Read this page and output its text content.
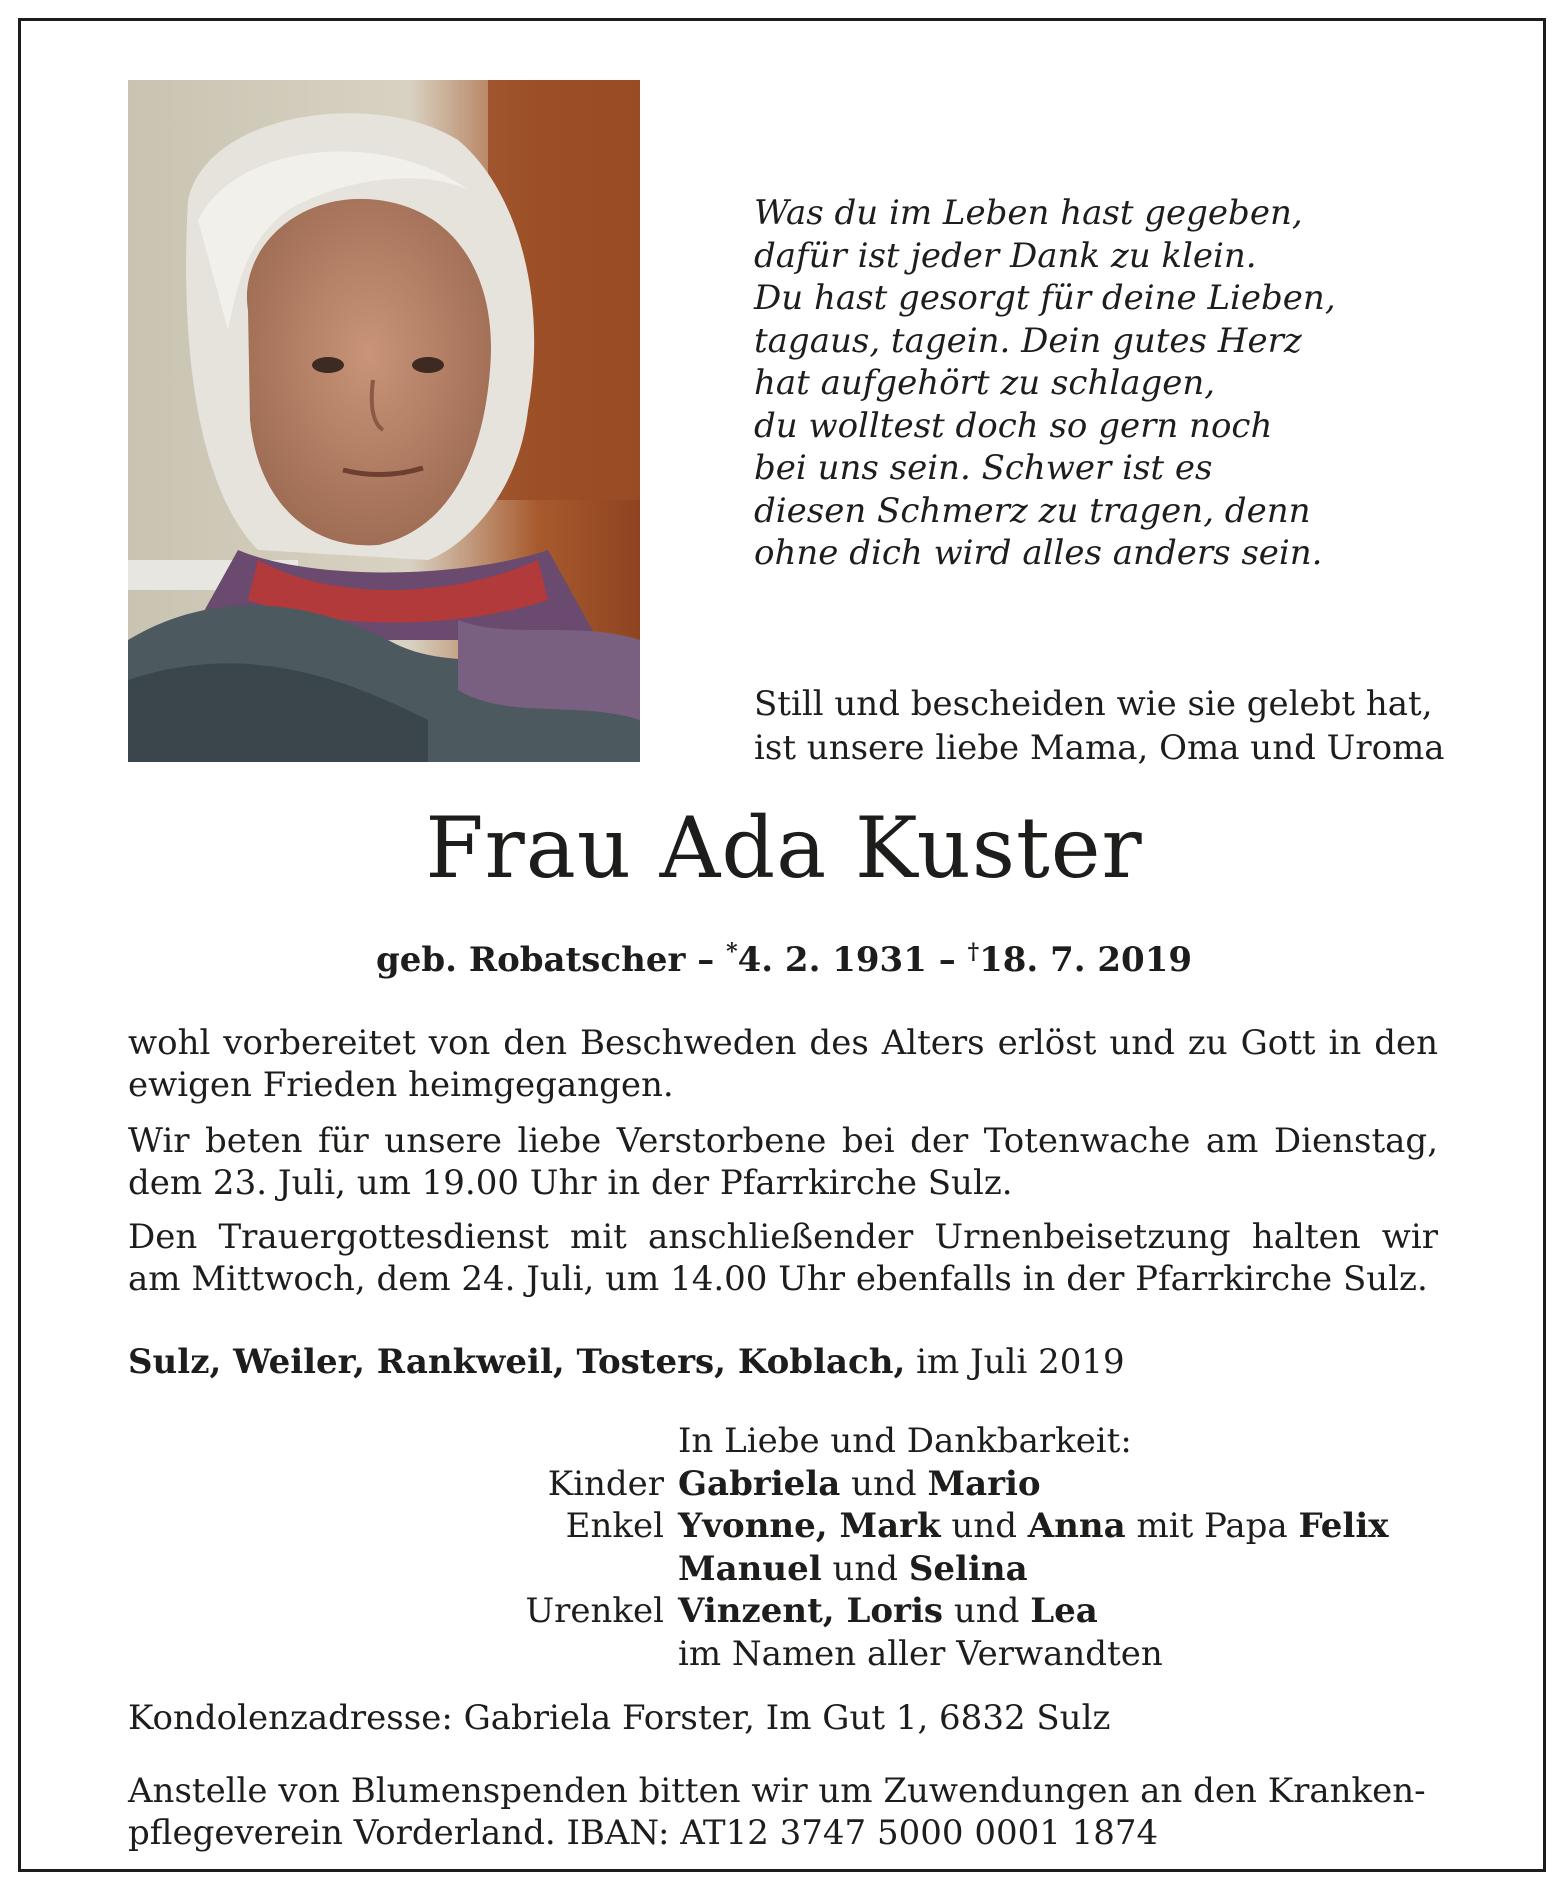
Was du im Leben hast gegeben,
dafür ist jeder Dank zu klein.
Du hast gesorgt für deine Lieben,
tagaus, tagein. Dein gutes Herz
hat aufgehört zu schlagen,
du wolltest doch so gern noch
bei uns sein. Schwer ist es
diesen Schmerz zu tragen, denn
ohne dich wird alles anders sein.
Still und bescheiden wie sie gelebt hat,
ist unsere liebe Mama, Oma und Uroma
Frau Ada Kuster
geb. Robatscher – *4. 2. 1931 – †18. 7. 2019
wohl vorbereitet von den Beschweden des Alters erlöst und zu Gott in den ewigen Frieden heimgegangen.
Wir beten für unsere liebe Verstorbene bei der Totenwache am Dienstag, dem 23. Juli, um 19.00 Uhr in der Pfarrkirche Sulz.
Den Trauergottesdienst mit anschließender Urnenbeisetzung halten wir am Mittwoch, dem 24. Juli, um 14.00 Uhr ebenfalls in der Pfarrkirche Sulz.
Sulz, Weiler, Rankweil, Tosters, Koblach, im Juli 2019
In Liebe und Dankbarkeit:
Kinder Gabriela und Mario
Enkel Yvonne, Mark und Anna mit Papa Felix
Manuel und Selina
Urenkel Vinzent, Loris und Lea
im Namen aller Verwandten
Kondolenzadresse: Gabriela Forster, Im Gut 1, 6832 Sulz
Anstelle von Blumenspenden bitten wir um Zuwendungen an den Kranken-
pflegeverein Vorderland. IBAN: AT12 3747 5000 0001 1874
